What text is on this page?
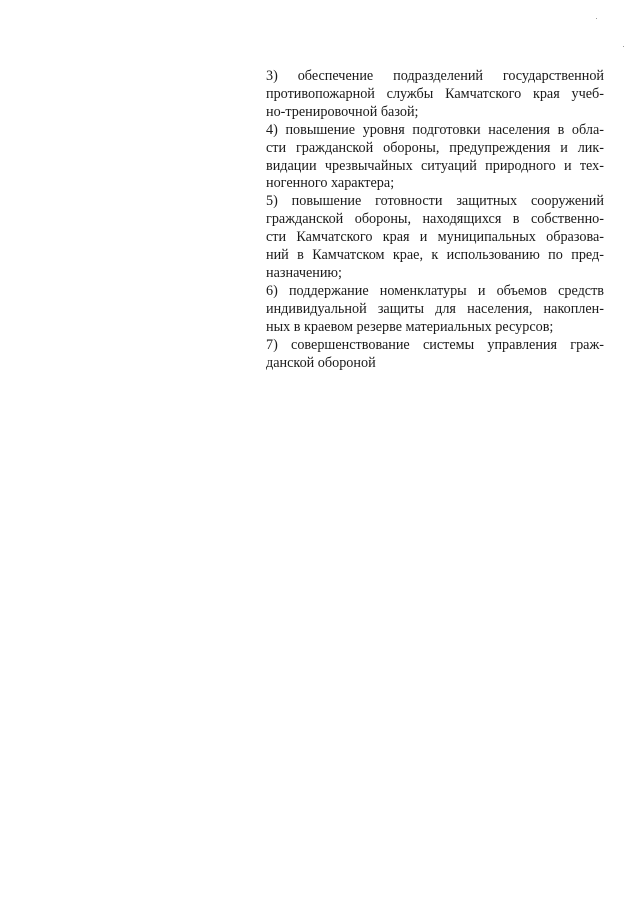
3) обеспечение подразделений государственной
противопожарной службы Камчатского края учеб-
но-тренировочной базой;
4) повышение уровня подготовки населения в обла-
сти гражданской обороны, предупреждения и лик-
видации чрезвычайных ситуаций природного и тех-
ногенного характера;
5) повышение готовности защитных сооружений
гражданской обороны, находящихся в собственно-
сти Камчатского края и муниципальных образова-
ний в Камчатском крае, к использованию по пред-
назначению;
6) поддержание номенклатуры и объемов средств
индивидуальной защиты для населения, накоплен-
ных в краевом резерве материальных ресурсов;
7) совершенствование системы управления граж-
данской обороной
